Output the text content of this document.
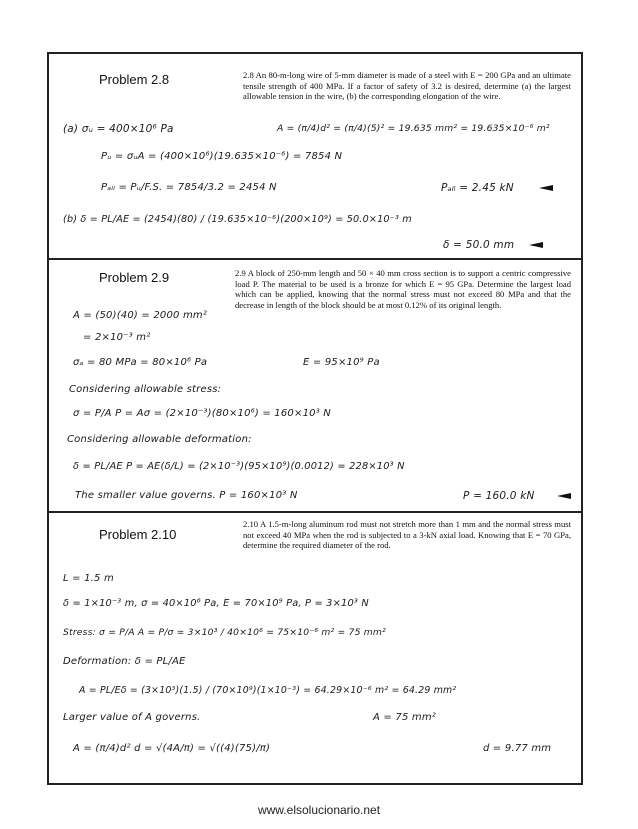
Problem 2.8	2.8 An 80-m-long wire of 5-mm diameter is made of a steel with E = 200 GPa and an ultimate tensile strength of 400 MPa. If a factor of safety of 3.2 is desired, determine (a) the largest allowable tension in the wire, (b) the corresponding elongation of the wire.
(a) σᵤ = 400×10⁶ Pa	A = (π/4)d² = (π/4)(5)² = 19.635 mm² = 19.635×10⁻⁶ m²
Pᵤ = σᵤA = (400×10⁶)(19.635×10⁻⁶) = 7854 N
Pₐₗₗ = Pᵤ/F.S. = 7854/3.2 = 2454 N	Pₐₗₗ = 2.45 kN
(b) δ = PL/AE = (2454)(80) / (19.635×10⁻⁶)(200×10⁹) = 50.0×10⁻³ m
δ = 50.0 mm
Problem 2.9	2.9 A block of 250-mm length and 50 × 40 mm cross section is to support a centric compressive load P. The material to be used is a bronze for which E = 95 GPa. Determine the largest load which can be applied, knowing that the normal stress must not exceed 80 MPa and that the decrease in length of the block should be at most 0.12% of its original length.
A = (50)(40) = 2000 mm²
= 2×10⁻³ m²
σₐ = 80 MPa = 80×10⁶ Pa	E = 95×10⁹ Pa
Considering allowable stress:
σ = P/A P = Aσ = (2×10⁻³)(80×10⁶) = 160×10³ N
Considering allowable deformation:
δ = PL/AE P = AE(δ/L) = (2×10⁻³)(95×10⁹)(0.0012) = 228×10³ N
The smaller value governs. P = 160×10³ N	P = 160.0 kN
Problem 2.10
2.10 A 1.5-m-long aluminum rod must not stretch more than 1 mm and the normal stress must not exceed 40 MPa when the rod is subjected to a 3-kN axial load. Knowing that E = 70 GPa, determine the required diameter of the rod.
L = 1.5 m
δ = 1×10⁻³ m, σ = 40×10⁶ Pa, E = 70×10⁹ Pa, P = 3×10³ N
Stress: σ = P/A A = P/σ = 3×10³ / 40×10⁶ = 75×10⁻⁶ m² = 75 mm²
Deformation: δ = PL/AE
A = PL/Eδ = (3×10³)(1.5) / (70×10⁹)(1×10⁻³) = 64.29×10⁻⁶ m² = 64.29 mm²
Larger value of A governs.	A = 75 mm²
A = (π/4)d² d = √(4A/π) = √((4)(75)/π)	d = 9.77 mm
www.elsolucionario.net
